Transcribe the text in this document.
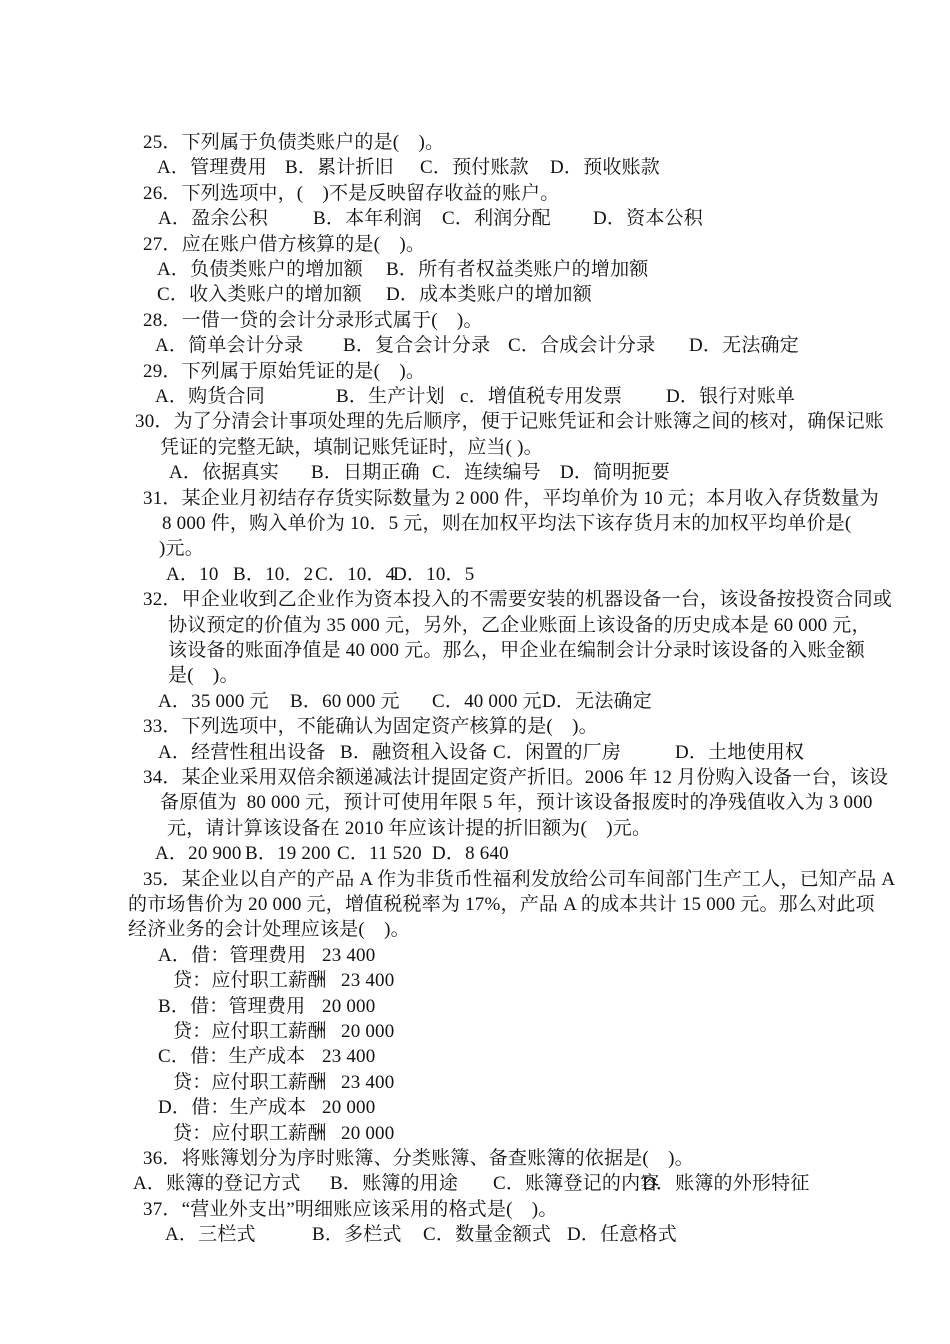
25．下列属于负债类账户的是(　)。
A．管理费用 B．累计折旧 C．预付账款 D．预收账款
26．下列选项中，(　)不是反映留存收益的账户。
A．盈余公积 B．本年利润 C．利润分配 D．资本公积
27．应在账户借方核算的是(　)。
A．负债类账户的增加额 B．所有者权益类账户的增加额
C．收入类账户的增加额 D．成本类账户的增加额
28．一借一贷的会计分录形式属于(　)。
A．简单会计分录 B．复合会计分录 C．合成会计分录 D．无法确定
29．下列属于原始凭证的是(　)。
A．购货合同	B．生产计划 c．增值税专用发票 D．银行对账单
30．为了分清会计事项处理的先后顺序，便于记账凭证和会计账簿之间的核对，确保记账
凭证的完整无缺，填制记账凭证时，应当( )。
A．依据真实 B．日期正确 C．连续编号 D．简明扼要
31．某企业月初结存存货实际数量为 2 000 件，平均单价为 10 元；本月收入存货数量为
8 000 件，购入单价为 10．5 元，则在加权平均法下该存货月末的加权平均单价是(
)元。
A．10 B．10．2 C．10．4
D．10．5
32．甲企业收到乙企业作为资本投入的不需要安装的机器设备一台，该设备按投资合同或
协议预定的价值为 35 000 元，另外，乙企业账面上该设备的历史成本是 60 000 元，
该设备的账面净值是 40 000 元。那么，甲企业在编制会计分录时该设备的入账金额
是(　)。
A．35 000 元 B．60 000 元 C．40 000 元 D．无法确定
33．下列选项中，不能确认为固定资产核算的是(　)。
A．经营性租出设备 B．融资租入设备 C．闲置的厂房	D．土地使用权
34．某企业采用双倍余额递减法计提固定资产折旧。2006 年 12 月份购入设备一台，该设
备原值为  80 000 元，预计可使用年限 5 年，预计该设备报废时的净残值收入为 3 000
元，请计算该设备在 2010 年应该计提的折旧额为(　)元。
A．20 900 B．19 200 C．11 520 D．8 640
35．某企业以自产的产品 A 作为非货币性福利发放给公司车间部门生产工人，已知产品 A
的市场售价为 20 000 元，增值税税率为 17%，产品 A 的成本共计 15 000 元。那么对此项
经济业务的会计处理应该是(　)。
A．借：管理费用 23 400
贷：应付职工薪酬 23 400
B．借：管理费用 20 000
贷：应付职工薪酬 20 000
C．借：生产成本 23 400
贷：应付职工薪酬 23 400
D．借：生产成本 20 000
贷：应付职工薪酬 20 000
36．将账簿划分为序时账簿、分类账簿、备查账簿的依据是(　)。
A．账簿的登记方式 B．账簿的用途 C．账簿登记的内容
D．账簿的外形特征
37．“营业外支出”明细账应该采用的格式是(　)。
A．三栏式	B．多栏式 C．数量金额式 D．任意格式
